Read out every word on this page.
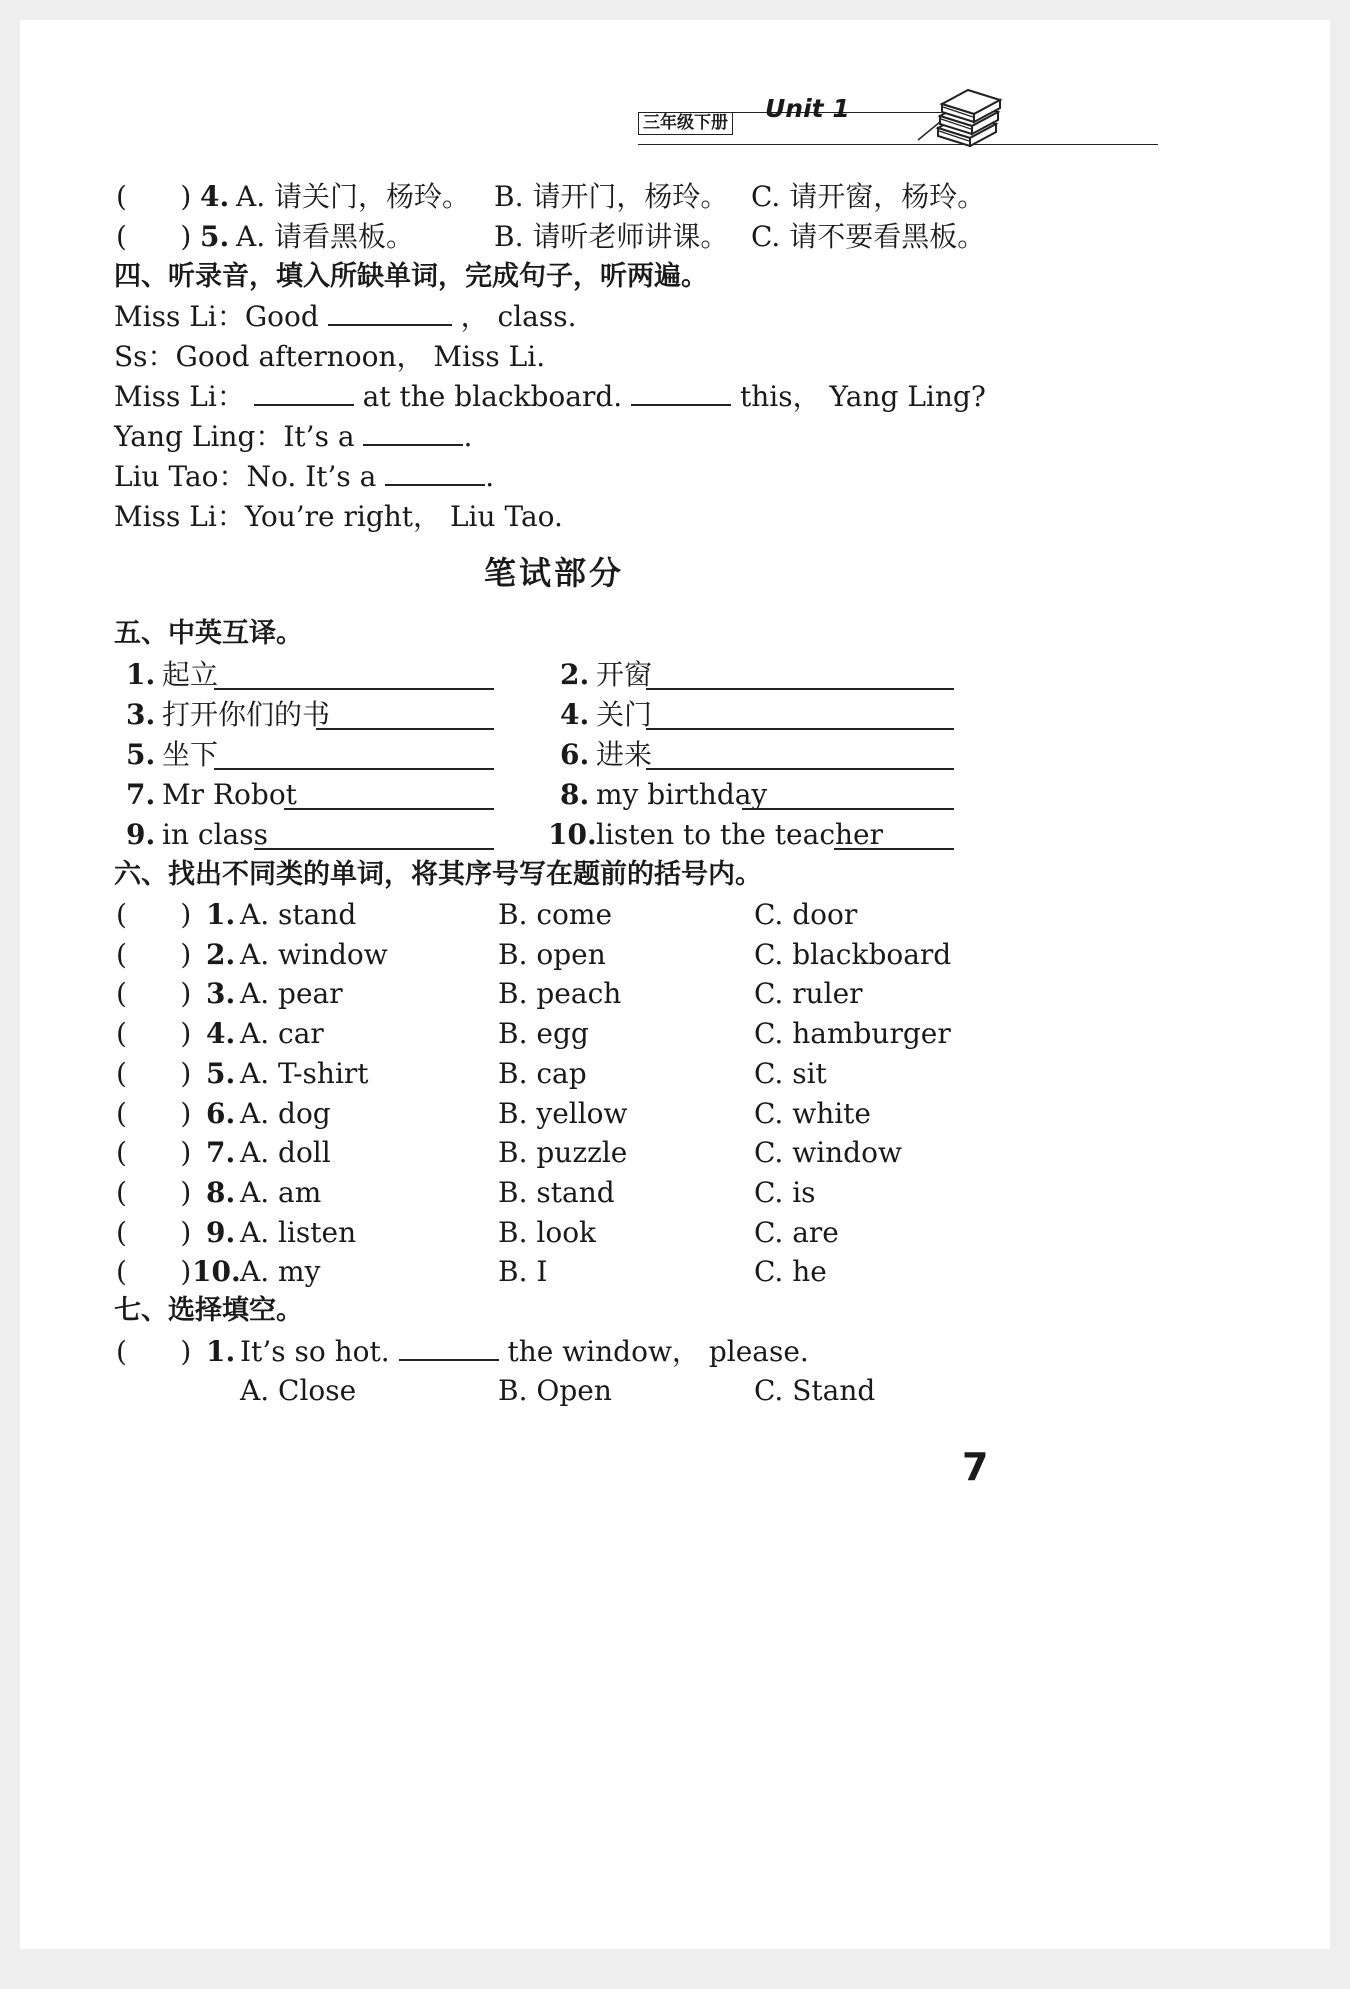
三年级下册 Unit 1
(      ) 4. A. 请关门，杨玲。 B. 请开门，杨玲。 C. 请开窗，杨玲。
(      ) 5. A. 请看黑板。	B. 请听老师讲课。 C. 请不要看黑板。
四、听录音，填入所缺单词，完成句子，听两遍。
Miss Li：Good	， class.
Ss：Good afternoon， Miss Li.
Miss Li：	at the blackboard.	this， Yang Ling?
Yang Ling：It’s a	.
Liu Tao：No. It’s a	.
Miss Li：You’re right， Liu Tao.
笔试部分
五、中英互译。
1. 起立	2. 开窗
3. 打开你们的书	4. 关门
5. 坐下	6. 进来
7. Mr Robot	8. my birthday
9. in class	10. listen to the teacher
六、找出不同类的单词，将其序号写在题前的括号内。
(      ) 1. A. stand	B. come	C. door
(      ) 2. A. window	B. open	C. blackboard
(      ) 3. A. pear	B. peach	C. ruler
(      ) 4. A. car	B. egg	C. hamburger
(      ) 5. A. T-shirt	B. cap	C. sit
(      ) 6. A. dog	B. yellow	C. white
(      ) 7. A. doll	B. puzzle	C. window
(      ) 8. A. am	B. stand	C. is
(      ) 9. A. listen	B. look	C. are
(      ) 10. A. my	B. I	C. he
七、选择填空。
(      ) 1. It’s so hot.	the window， please.
A. Close	B. Open	C. Stand
7
